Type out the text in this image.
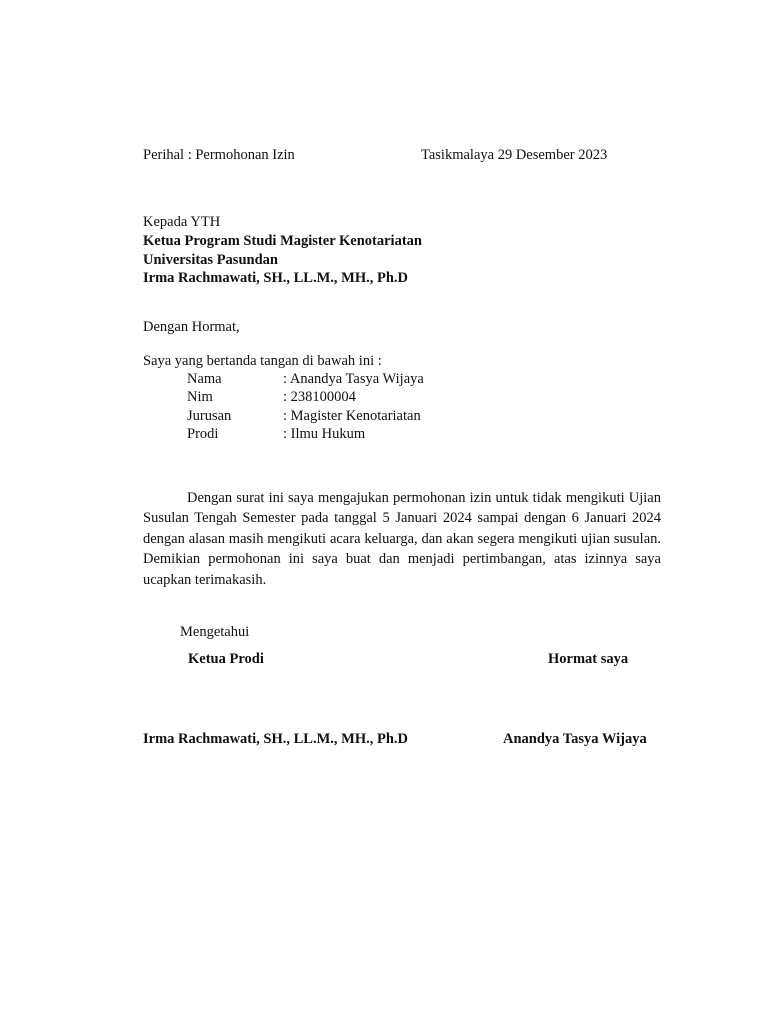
Perihal : Permohonan Izin	Tasikmalaya 29 Desember 2023
Kepada YTH
Ketua Program Studi Magister Kenotariatan
Universitas Pasundan
Irma Rachmawati, SH., LL.M., MH., Ph.D
Dengan Hormat,
Saya yang bertanda tangan di bawah ini :
Nama	: Anandya Tasya Wijaya
Nim	: 238100004
Jurusan	: Magister Kenotariatan
Prodi	: Ilmu Hukum

Dengan surat ini saya mengajukan permohonan izin untuk tidak mengikuti Ujian Susulan Tengah Semester pada tanggal 5 Januari 2024 sampai dengan 6 Januari 2024 dengan alasan masih mengikuti acara keluarga, dan akan segera mengikuti ujian susulan. Demikian permohonan ini saya buat dan menjadi pertimbangan, atas izinnya saya ucapkan terimakasih.

Mengetahui
Ketua Prodi	Hormat saya
Irma Rachmawati, SH., LL.M., MH., Ph.D	Anandya Tasya Wijaya
